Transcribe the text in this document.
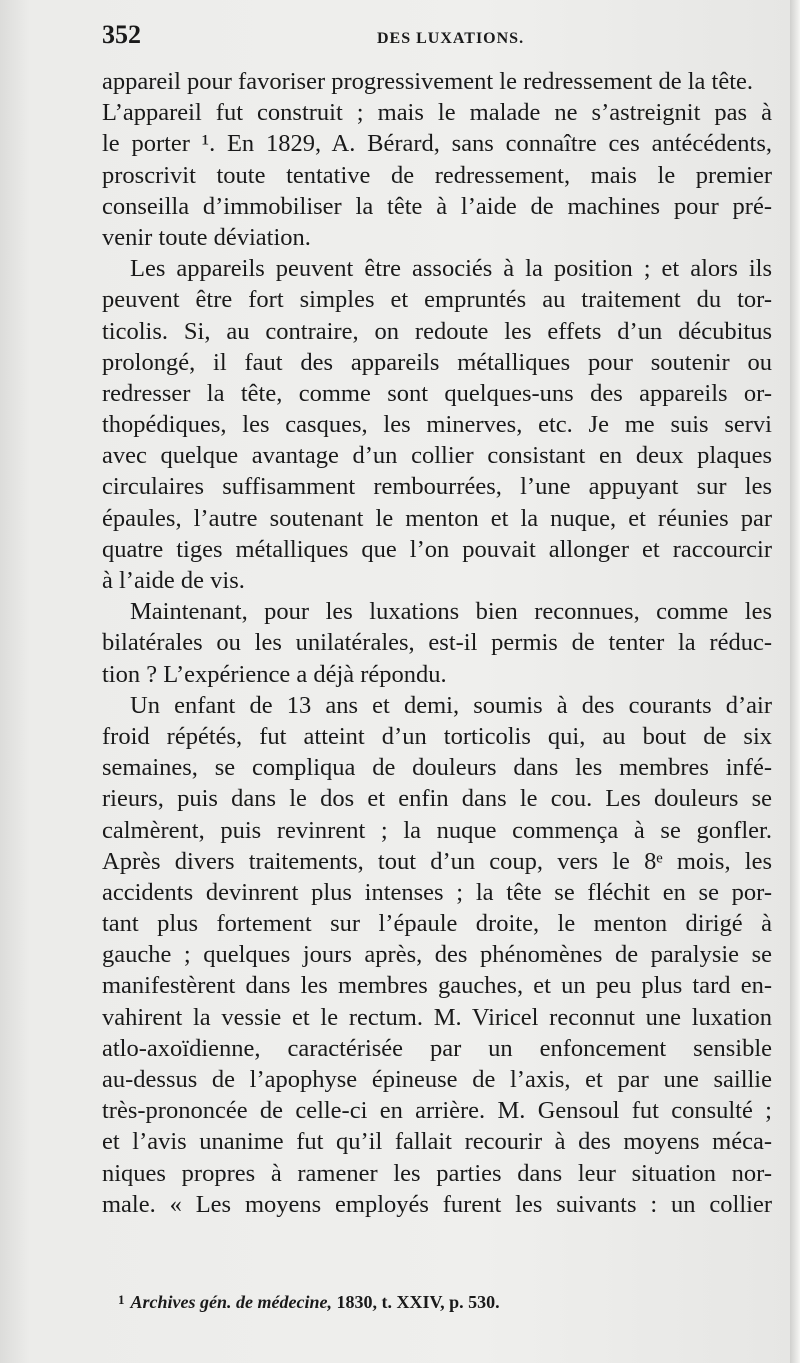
352	DES LUXATIONS.
appareil pour favoriser progressivement le redressement de la tête.
L’appareil fut construit ; mais le malade ne s’astreignit pas à
le porter ¹. En 1829, A. Bérard, sans connaître ces antécédents,
proscrivit toute tentative de redressement, mais le premier
conseilla d’immobiliser la tête à l’aide de machines pour pré-
venir toute déviation.
Les appareils peuvent être associés à la position ; et alors ils
peuvent être fort simples et empruntés au traitement du tor-
ticolis. Si, au contraire, on redoute les effets d’un décubitus
prolongé, il faut des appareils métalliques pour soutenir ou
redresser la tête, comme sont quelques-uns des appareils or-
thopédiques, les casques, les minerves, etc. Je me suis servi
avec quelque avantage d’un collier consistant en deux plaques
circulaires suffisamment rembourrées, l’une appuyant sur les
épaules, l’autre soutenant le menton et la nuque, et réunies par
quatre tiges métalliques que l’on pouvait allonger et raccourcir
à l’aide de vis.
Maintenant, pour les luxations bien reconnues, comme les
bilatérales ou les unilatérales, est-il permis de tenter la réduc-
tion ? L’expérience a déjà répondu.
Un enfant de 13 ans et demi, soumis à des courants d’air
froid répétés, fut atteint d’un torticolis qui, au bout de six
semaines, se compliqua de douleurs dans les membres infé-
rieurs, puis dans le dos et enfin dans le cou. Les douleurs se
calmèrent, puis revinrent ; la nuque commença à se gonfler.
Après divers traitements, tout d’un coup, vers le 8ᵉ mois, les
accidents devinrent plus intenses ; la tête se fléchit en se por-
tant plus fortement sur l’épaule droite, le menton dirigé à
gauche ; quelques jours après, des phénomènes de paralysie se
manifestèrent dans les membres gauches, et un peu plus tard en-
vahirent la vessie et le rectum. M. Viricel reconnut une luxation
atlo-axoïdienne, caractérisée par un enfoncement sensible
au-dessus de l’apophyse épineuse de l’axis, et par une saillie
très-prononcée de celle-ci en arrière. M. Gensoul fut consulté ;
et l’avis unanime fut qu’il fallait recourir à des moyens méca-
niques propres à ramener les parties dans leur situation nor-
male. « Les moyens employés furent les suivants : un collier
$^1$ Archives gén. de médecine, 1830, t. XXIV, p. 530.
